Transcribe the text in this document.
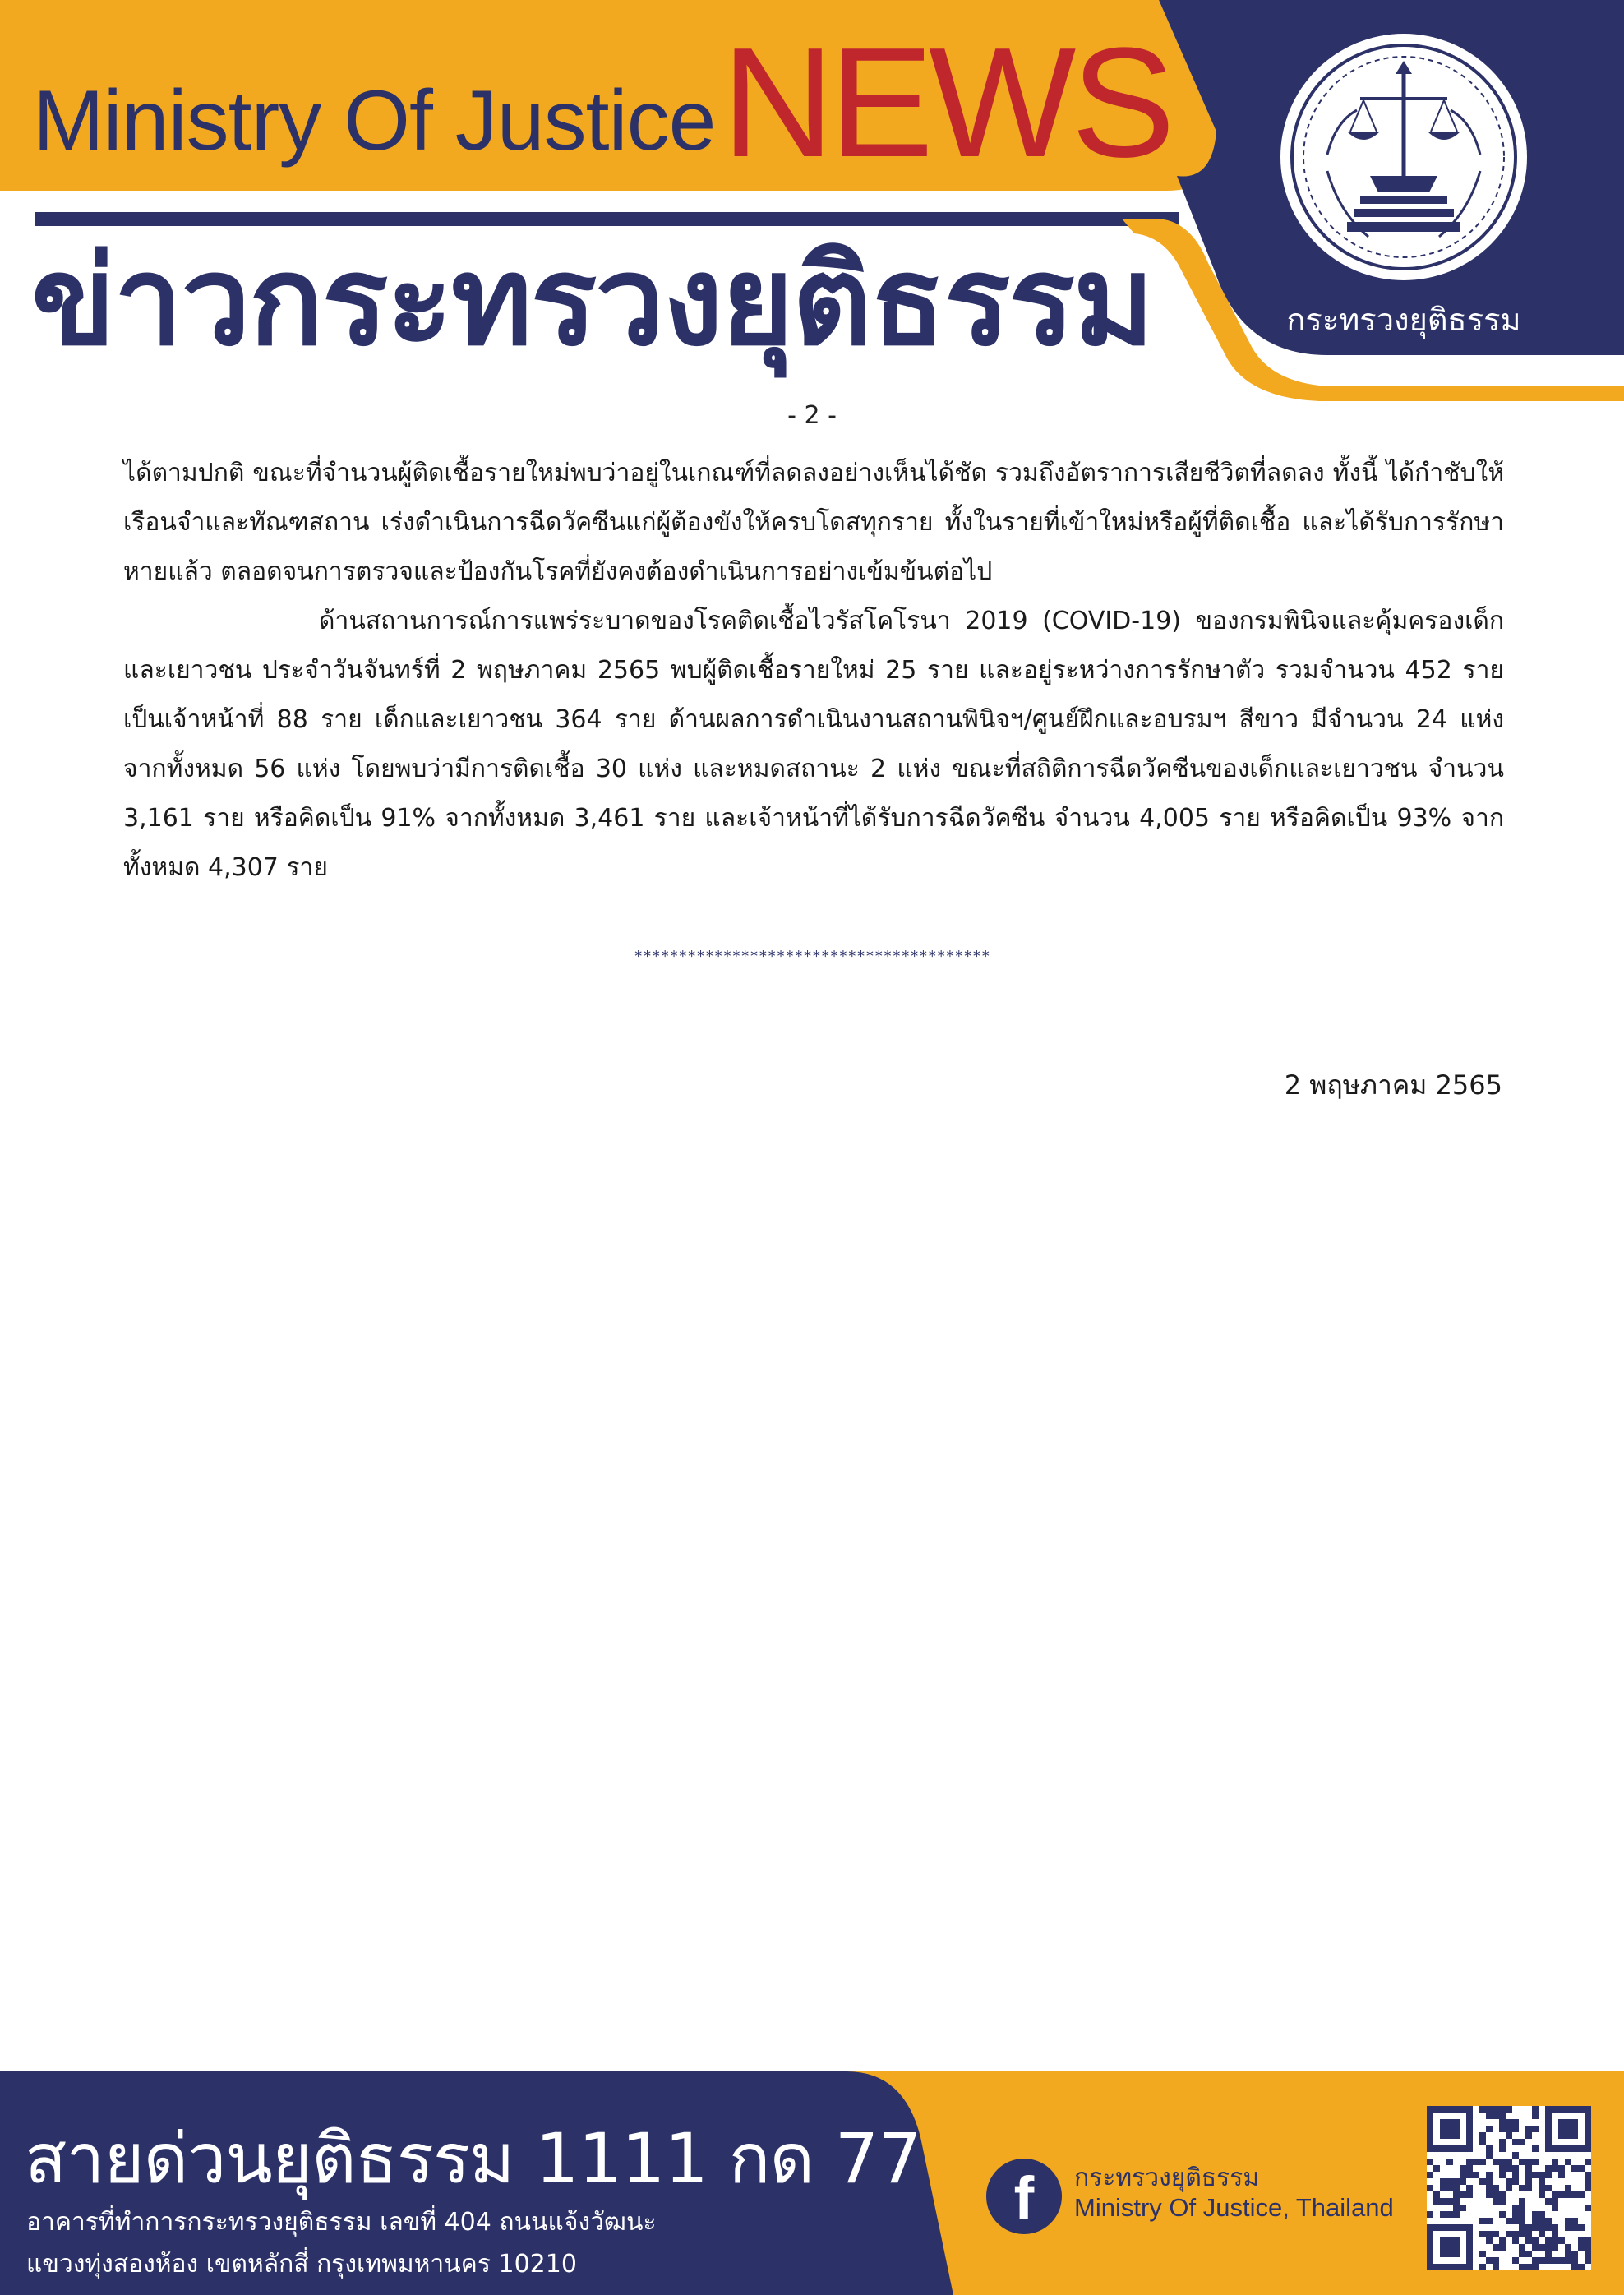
Ministry Of Justice NEWS
ข่าวกระทรวงยุติธรรม	กระทรวงยุติธรรม
- 2 -

ได้ตามปกติ ขณะที่จำนวนผู้ติดเชื้อรายใหม่พบว่าอยู่ในเกณฑ์ที่ลดลงอย่างเห็นได้ชัด รวมถึงอัตราการเสียชีวิตที่ลดลง ทั้งนี้ ได้กำชับให้เรือนจำและทัณฑสถาน เร่งดำเนินการฉีดวัคซีนแก่ผู้ต้องขังให้ครบโดสทุกราย ทั้งในรายที่เข้าใหม่หรือผู้ที่ติดเชื้อ และได้รับการรักษาหายแล้ว ตลอดจนการตรวจและป้องกันโรคที่ยังคงต้องดำเนินการอย่างเข้มข้นต่อไป

ด้านสถานการณ์การแพร่ระบาดของโรคติดเชื้อไวรัสโคโรนา 2019 (COVID-19) ของกรมพินิจและคุ้มครองเด็กและเยาวชน ประจำวันจันทร์ที่ 2 พฤษภาคม 2565 พบผู้ติดเชื้อรายใหม่ 25 ราย และอยู่ระหว่างการรักษาตัว รวมจำนวน 452 ราย เป็นเจ้าหน้าที่ 88 ราย เด็กและเยาวชน 364 ราย ด้านผลการดำเนินงานสถานพินิจฯ/ศูนย์ฝึกและอบรมฯ สีขาว มีจำนวน 24 แห่ง จากทั้งหมด 56 แห่ง โดยพบว่ามีการติดเชื้อ 30 แห่ง และหมดสถานะ 2 แห่ง ขณะที่สถิติการฉีดวัคซีนของเด็กและเยาวชน จำนวน 3,161 ราย หรือคิดเป็น 91% จากทั้งหมด 3,461 ราย และเจ้าหน้าที่ได้รับการฉีดวัคซีน จำนวน 4,005 ราย หรือคิดเป็น 93% จากทั้งหมด 4,307 ราย

****************************************
2 พฤษภาคม 2565
สายด่วนยุติธรรม 1111 กด 77
อาคารที่ทำการกระทรวงยุติธรรม เลขที่ 404 ถนนแจ้งวัฒนะ
แขวงทุ่งสองห้อง เขตหลักสี่ กรุงเทพมหานคร 10210
f	กระทรวงยุติธรรม
Ministry Of Justice, Thailand
